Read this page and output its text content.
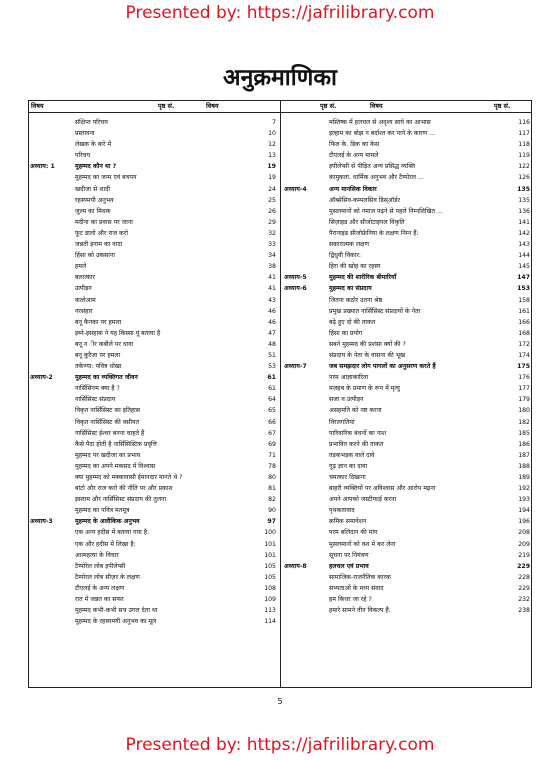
Presented by: https://jafrilibrary.com
अनुक्रमाणिका
विषय	पृष्ठ सं.	विषय	पृष्ठ सं.	विषय	पृष्ठ सं.
संक्षिप्त परिचय	7
प्रस्तावना	10
लेखक के बारे में	12
परिचय	13
अध्याय: 1	मुहम्मद कौन था ?	19
मुहम्मद का जन्म एवं बचपन	19
खदीजा से शादी	24
रहस्यमयी अनुभव	25
जुल्म का मिथक	26
मदीना का प्रवास पर जाना	29
फूट डालो और राज करो	32
जन्नती इनाम का वादा	33
हिंसा को उकसाना	34
हमले	38
बलात्कार	41
उत्पीड़न	41
कत्लेआम	43
नरसंहार	46
बनू कैनका पर हमला	46
इब्ने-इसहाक ने यह किस्सा यूं बताया है	47
बनू न ीर कबीले पर धावा	48
बनू कुरैजा पर हमला	51
तर्कण्या: पवित्र धोखा	53
अध्याय-2	मुहम्मद का व्यक्तिगत जीवन	61
नार्सिसिज्म क्या है ?	61
नार्सिसिस्ट संप्रदाय	64
विकृत नार्सिसिस्ट का इतिहास	65
विकृत नार्सिसिस्ट की वसीयत	66
नार्सिसिस्ट ईश्वर बनना चाहते हैं	67
कैसे पैदा होती है नार्सिसिस्टिक प्रवृत्ति	69
मुहम्मद पर खदीजा का प्रभाव	71
मुहम्मद का अपने मकसद में विश्वास	78
क्या मुहम्मद को मक्कावासी ईमानदार मानते थे ?	80
बांटो और राज करो की नीति पर और प्रकाश	81
इस्लाम और नार्सिसिस्ट संप्रदाय की तुलना	82
मुहम्मद का पवित्र मतमूत्र	90
अध्याय-3	मुहम्मद के अलौकिक अनुभव	97
एक अन्य हदीस में बताया गया है:	100
एक और हदीस में लिखा है:	101
आत्महत्या के विचार	101
टैम्पोरेल लोब इपीलेप्सी	105
टैम्पोरल लोब सीज़र के लक्षण	105
टीएलई के अन्य लक्षण	108
रात में जन्नत का सफर	109
मुहम्मद कभी-कभी सच उगल देता था	113
मुहम्मद के रहस्यमयी अनुभव का मूल	114
मस्तिष्क में हलचल से अदृश्य साये का आभास	116
इल्हाम का बोझ न बर्दाश्त कर पाने के कारण ...	117
फिल के. डिक का केस	118
टीएलई के अन्य मामले	119
इपीलेप्सी से पीड़ित अन्य प्रसिद्ध व्यक्ति	122
कामुकता. धार्मिक अनुभव और टैम्पोरल ...	126
अध्याय-4	अन्य मानसिक विकार	135
ऑब्सेसिव-कम्पलसिव डिस्ऑर्डर	135
मुसलमानों को नमाज पढ़ने से पहले निम्नलिखित ...	136
सिज़ाइड और सीजोटाइपल विकृति	141
पैरानाइड सीजोफ्रेनिया के लक्षण निम्न हैं:	142
सकारात्मक लक्षण	143
द्विधुवी विकार:	144
हिरा की खोह का रहस्य	145
अध्याय-5	मुहम्मद की शारीरिक बीमारियाँ	147
अध्याय-6	मुहम्मद का संप्रदाय	153
जितना कठोर उतना श्रेष्ठ	158
प्रमुख प्रख्यात नार्सिसिस्ट संप्रदायों के नेता	161
बढ़े हुए दो की ताकत	166
हिंसा का प्रयोग	168
सबने मुहम्मद की प्रशंसा क्यों की ?	172
संप्रदाय के नेता के वासना की भूख	174
अध्याय-7	जब समझदार लोग पागलों का अनुसरण करते हैं	175
परम आज्ञाकारिता	176
मज़हब के प्रमाण के रूप में मृत्यु	177
सजा व उत्पीड़न	179
असहमति को नष्ट करना	180
विरलगतियां	182
पारिवारिक बंधनों का नाश	185
प्रभावित करने की ताकत	186
तड़कभड़क वाले दावे	187
गूढ़ ज्ञान का दावा	188
चमत्कार दिखाना	189
बाहरी व्यक्तियों पर अविश्वास और आरोप मढ़ना	192
अपने आपको जस्टीफाई करना	193
पृथकतावाद	194
क्रमिक समावेशन	196
परम बलिदान की मांग	208
मुसलमानों को वश में कर लेना	209
सूचना पर नियंत्रण	219
अध्याय-8	हलचल एवं प्रभाव	229
सामाजिक-राजनैतिक कारक	228
सभ्यताओं के मध्य संवाद	229
हम किधर जा रहे ?	232
हमारे सामने तीन विकल्प हैं:	238
5
Presented by: https://jafrilibrary.com
